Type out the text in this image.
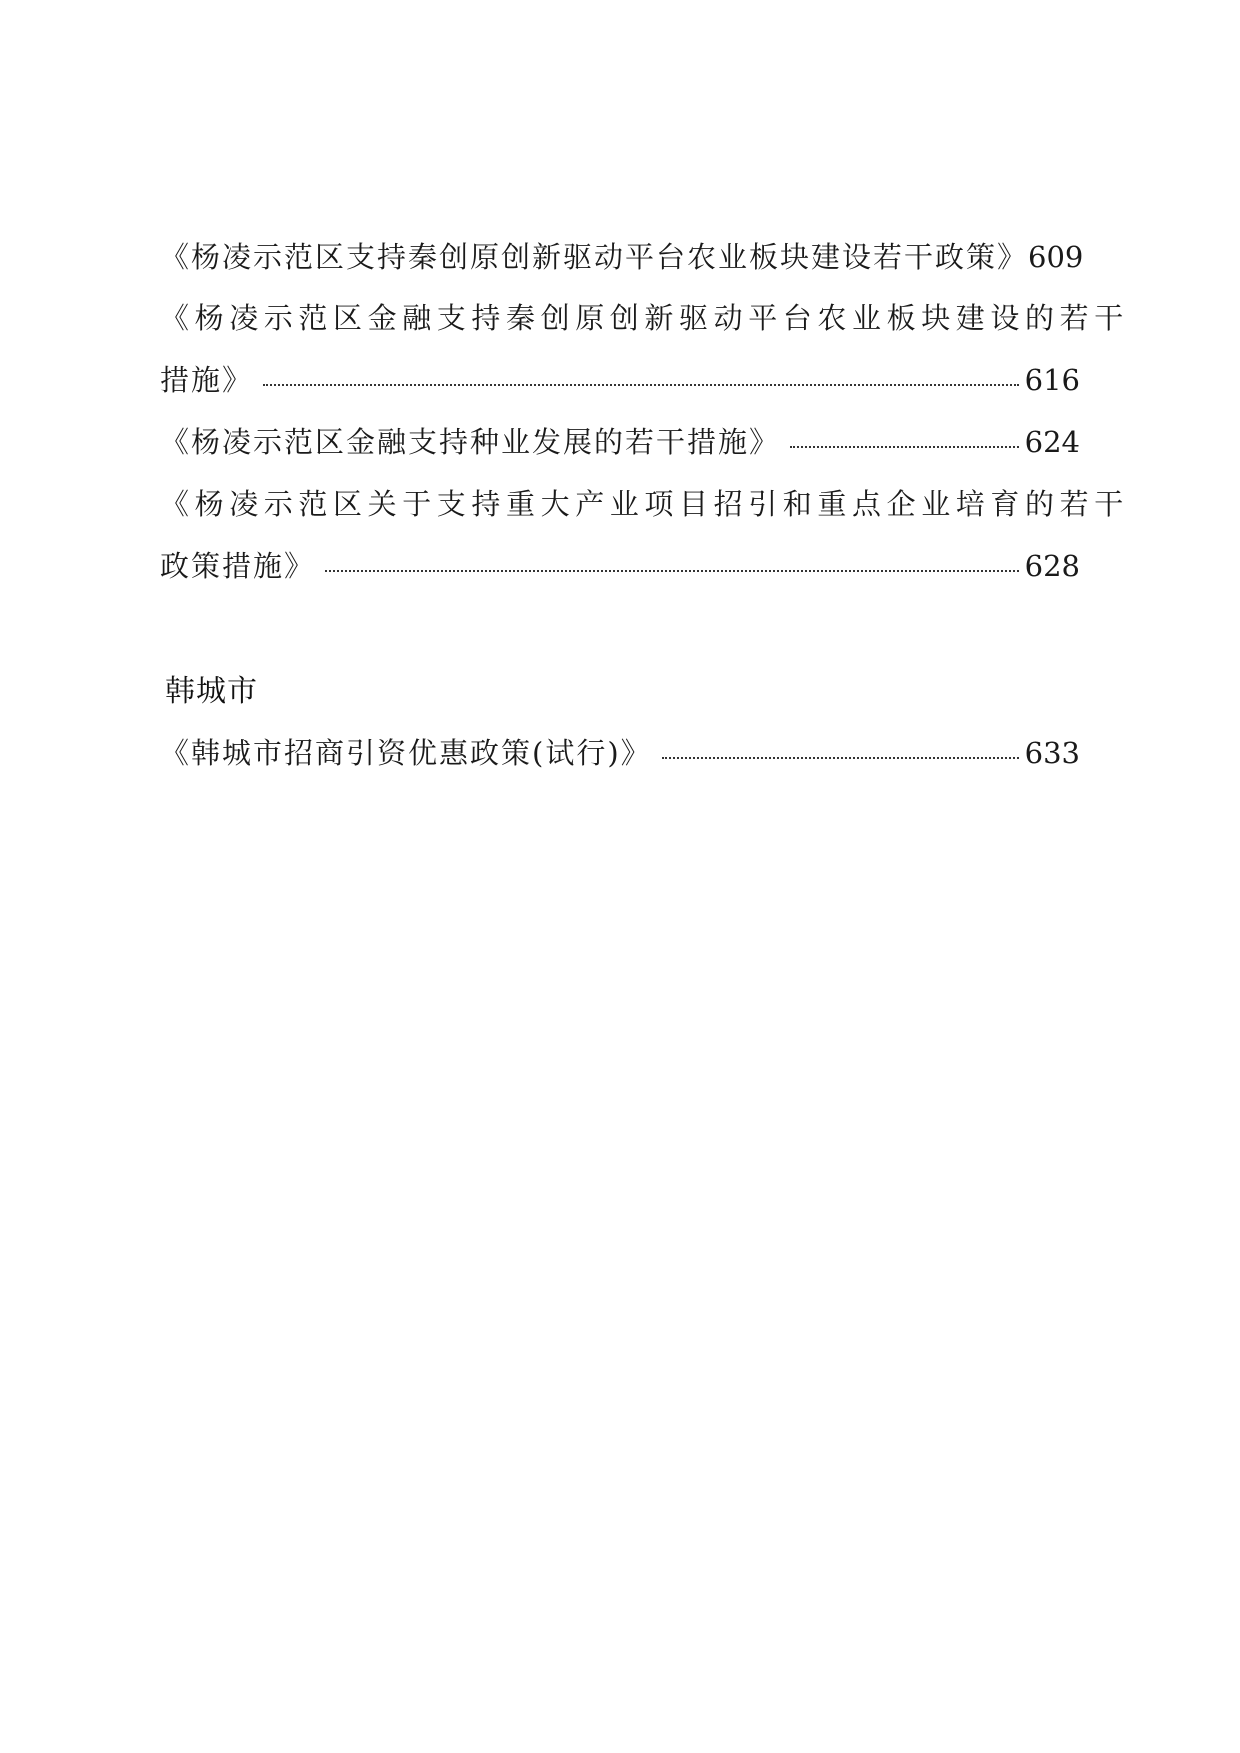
《杨凌示范区支持秦创原创新驱动平台农业板块建设若干政策》 609
《杨凌示范区金融支持秦创原创新驱动平台农业板块建设的若干
措施》	616
《杨凌示范区金融支持种业发展的若干措施》	624
《杨凌示范区关于支持重大产业项目招引和重点企业培育的若干
政策措施》	628
韩城市
《韩城市招商引资优惠政策(试行)》	633
